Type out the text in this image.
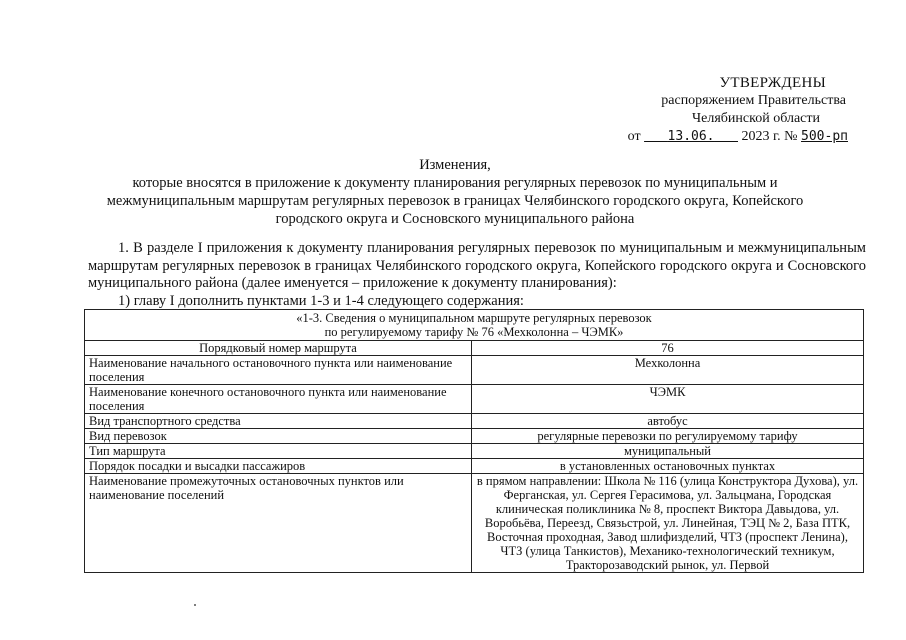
УТВЕРЖДЕНЫ
распоряжением Правительства
Челябинской области
от 13.06. 2023 г. № 500-рп
Изменения,
которые вносятся в приложение к документу планирования регулярных перевозок по муниципальным и межмуниципальным маршрутам регулярных перевозок в границах Челябинского городского округа, Копейского городского округа и Сосновского муниципального района
1. В разделе I приложения к документу планирования регулярных перевозок по муниципальным и межмуниципальным маршрутам регулярных перевозок в границах Челябинского городского округа, Копейского городского округа и Сосновского муниципального района (далее именуется – приложение к документу планирования):
1) главу I дополнить пунктами 1-3 и 1-4 следующего содержания:
«1-3. Сведения о муниципальном маршруте регулярных перевозок
по регулируемому тарифу № 76 «Мехколонна – ЧЭМК»	

Порядковый номер маршрута	76
Наименование начального остановочного пункта или наименование поселения	Мехколонна
Наименование конечного остановочного пункта или наименование поселения	ЧЭМК
Вид транспортного средства	автобус
Вид перевозок	регулярные перевозки по регулируемому тарифу
Тип маршрута	муниципальный
Порядок посадки и высадки пассажиров	в установленных остановочных пунктах
Наименование промежуточных остановочных пунктов или наименование поселений	в прямом направлении: Школа № 116 (улица Конструктора Духова), ул. Ферганская, ул. Сергея Герасимова, ул. Зальцмана, Городская клиническая поликлиника № 8, проспект Виктора Давыдова, ул. Воробьёва, Переезд, Связьстрой, ул. Линейная, ТЭЦ № 2, База ПТК, Восточная проходная, Завод шлифизделий, ЧТЗ (проспект Ленина), ЧТЗ (улица Танкистов), Механико-технологический техникум, Тракторозаводский рынок, ул. Первой
